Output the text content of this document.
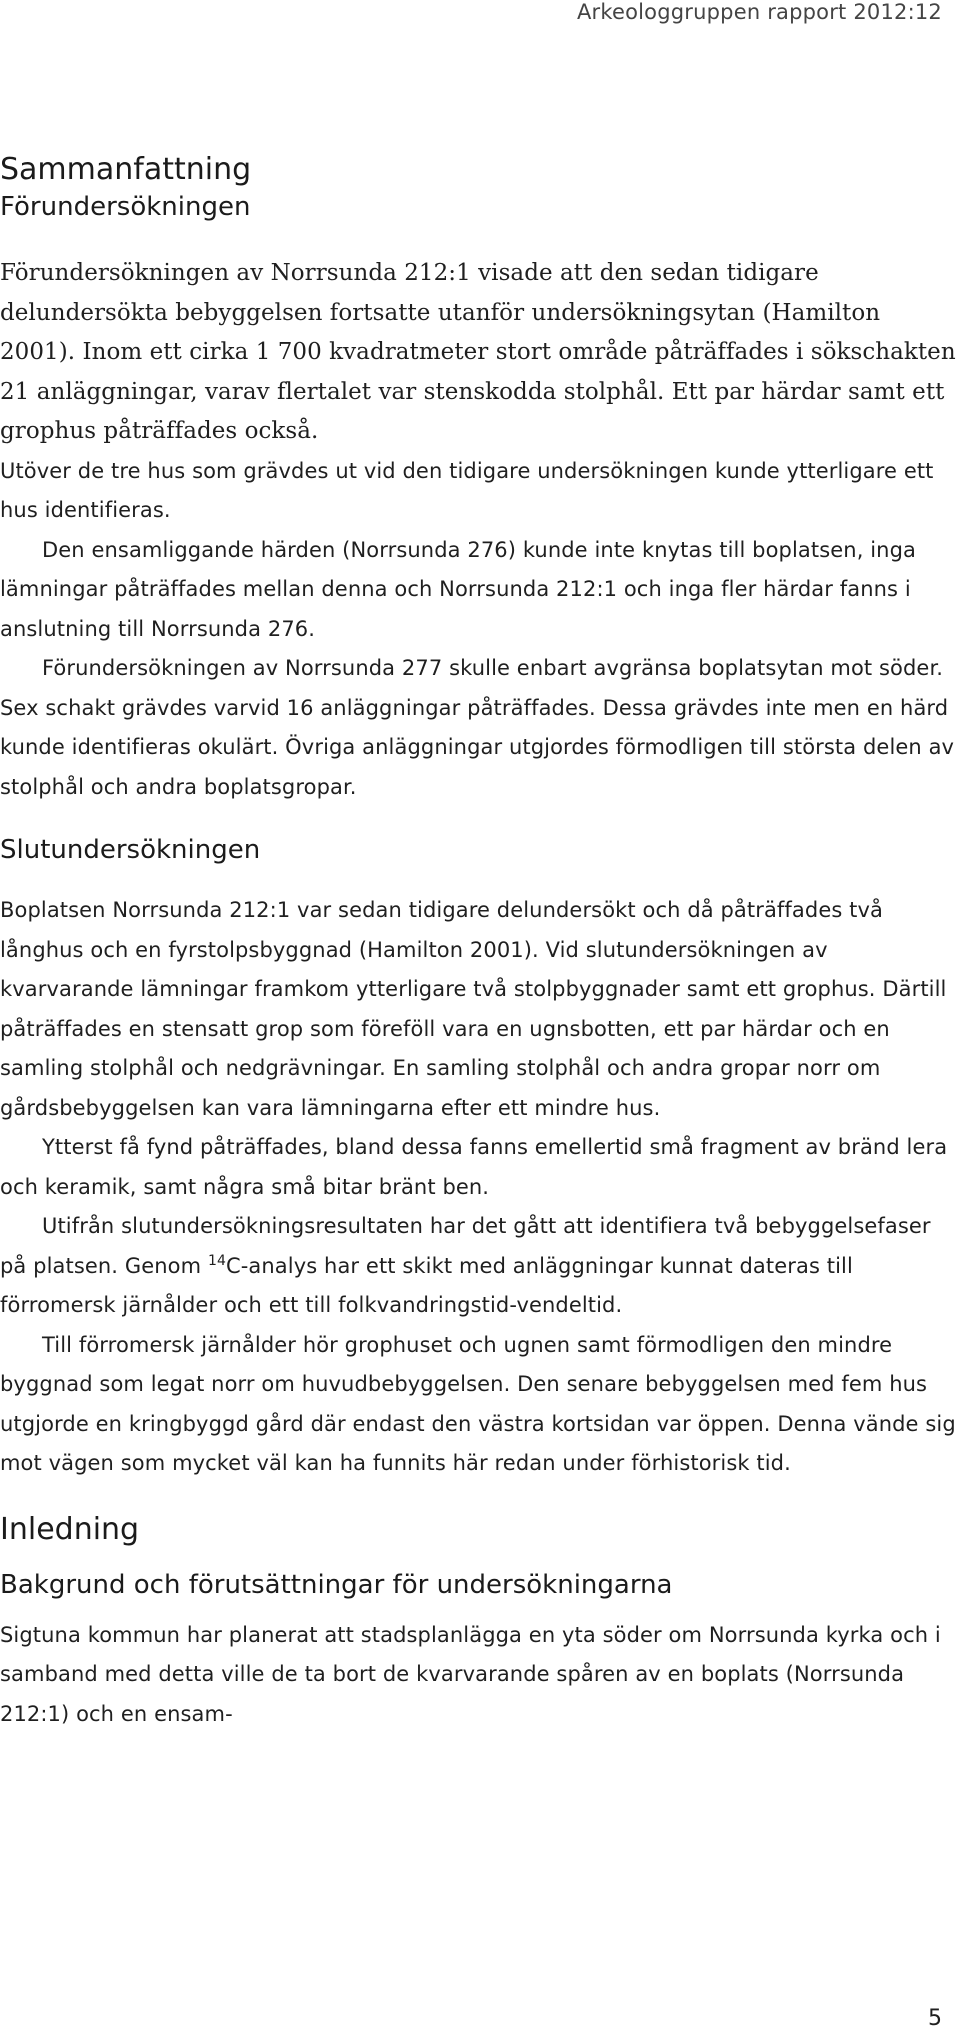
Arkeologgruppen rapport 2012:12
Sammanfattning
Förundersökningen

Förundersökningen av Norrsunda 212:1 visade att den sedan tidigare delundersökta bebyggelsen fortsatte utanför undersökningsytan (Hamilton 2001). Inom ett cirka 1 700 kvadratmeter stort område påträffades i sökschakten 21 anläggningar, varav flertalet var stenskodda stolphål. Ett par härdar samt ett grophus påträffades också.

Utöver de tre hus som grävdes ut vid den tidigare undersökningen kunde ytterligare ett hus identifieras.

Den ensamliggande härden (Norrsunda 276) kunde inte knytas till boplatsen, inga lämningar påträffades mellan denna och Norrsunda 212:1 och inga fler härdar fanns i anslutning till Norrsunda 276.

Förundersökningen av Norrsunda 277 skulle enbart avgränsa boplatsytan mot söder. Sex schakt grävdes varvid 16 anläggningar påträffades. Dessa grävdes inte men en härd kunde identifieras okulärt. Övriga anläggningar utgjordes förmodligen till största delen av stolphål och andra boplatsgropar.

Slutundersökningen

Boplatsen Norrsunda 212:1 var sedan tidigare delundersökt och då påträffades två långhus och en fyrstolpsbyggnad (Hamilton 2001). Vid slutundersökningen av kvarvarande lämningar framkom ytterligare två stolpbyggnader samt ett grophus. Därtill påträffades en stensatt grop som föreföll vara en ugnsbotten, ett par härdar och en samling stolphål och nedgrävningar. En samling stolphål och andra gropar norr om gårdsbebyggelsen kan vara lämningarna efter ett mindre hus.

Ytterst få fynd påträffades, bland dessa fanns emellertid små fragment av bränd lera och keramik, samt några små bitar bränt ben.

Utifrån slutundersökningsresultaten har det gått att identifiera två bebyggelsefaser på platsen. Genom $^{14}$C-analys har ett skikt med anläggningar kunnat dateras till förromersk järnålder och ett till folkvandringstid-vendeltid.

Till förromersk järnålder hör grophuset och ugnen samt förmodligen den mindre byggnad som legat norr om huvudbebyggelsen. Den senare bebyggelsen med fem hus utgjorde en kringbyggd gård där endast den västra kortsidan var öppen. Denna vände sig mot vägen som mycket väl kan ha funnits här redan under förhistorisk tid.

Inledning
Bakgrund och förutsättningar för undersökningarna

Sigtuna kommun har planerat att stadsplanlägga en yta söder om Norrsunda kyrka och i samband med detta ville de ta bort de kvarvarande spåren av en boplats (Norrsunda 212:1) och en ensam-

5
